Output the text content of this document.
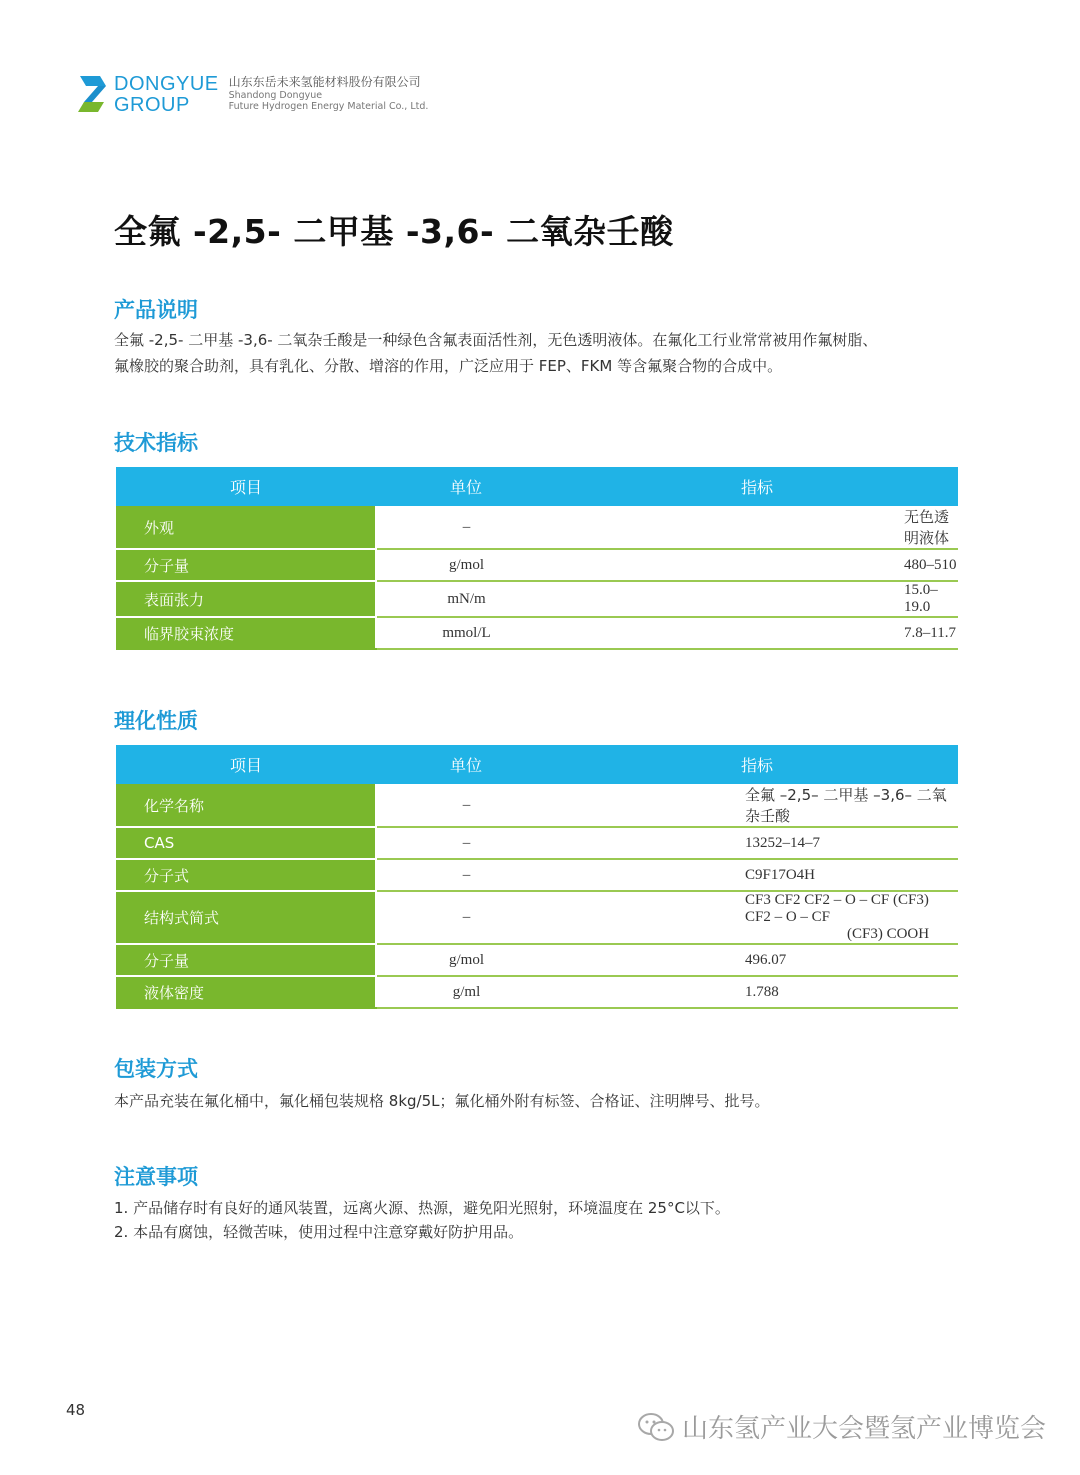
DONGYUE
GROUP
山东东岳未来氢能材料股份有限公司
Shandong Dongyue
Future Hydrogen Energy Material Co., Ltd.
全氟 -2,5- 二甲基 -3,6- 二氧杂壬酸
产品说明
全氟 -2,5- 二甲基 -3,6- 二氧杂壬酸是一种绿色含氟表面活性剂，无色透明液体。在氟化工行业常常被用作氟树脂、
氟橡胶的聚合助剂，具有乳化、分散、增溶的作用，广泛应用于 FEP、FKM 等含氟聚合物的合成中。
技术指标
项目	单位	指标
外观	–	无色透明液体
分子量	g/mol	480–510
表面张力	mN/m	15.0–19.0
临界胶束浓度	mmol/L	7.8–11.7
理化性质
项目	单位	指标
化学名称	–	全氟 –2,5– 二甲基 –3,6– 二氧杂壬酸
CAS	–	13252–14–7
分子式	–	C9F17O4H
结构式简式	–	CF3 CF2 CF2 – O – CF (CF3) CF2 – O – CF
(CF3) COOH

分子量	g/mol	496.07
液体密度	g/ml	1.788
包装方式
本产品充装在氟化桶中，氟化桶包装规格 8kg/5L；氟化桶外附有标签、合格证、注明牌号、批号。
注意事项
1. 产品储存时有良好的通风装置，远离火源、热源，避免阳光照射，环境温度在 25°C以下。
2. 本品有腐蚀，轻微苦味，使用过程中注意穿戴好防护用品。
48
山东氢产业大会暨氢产业博览会
